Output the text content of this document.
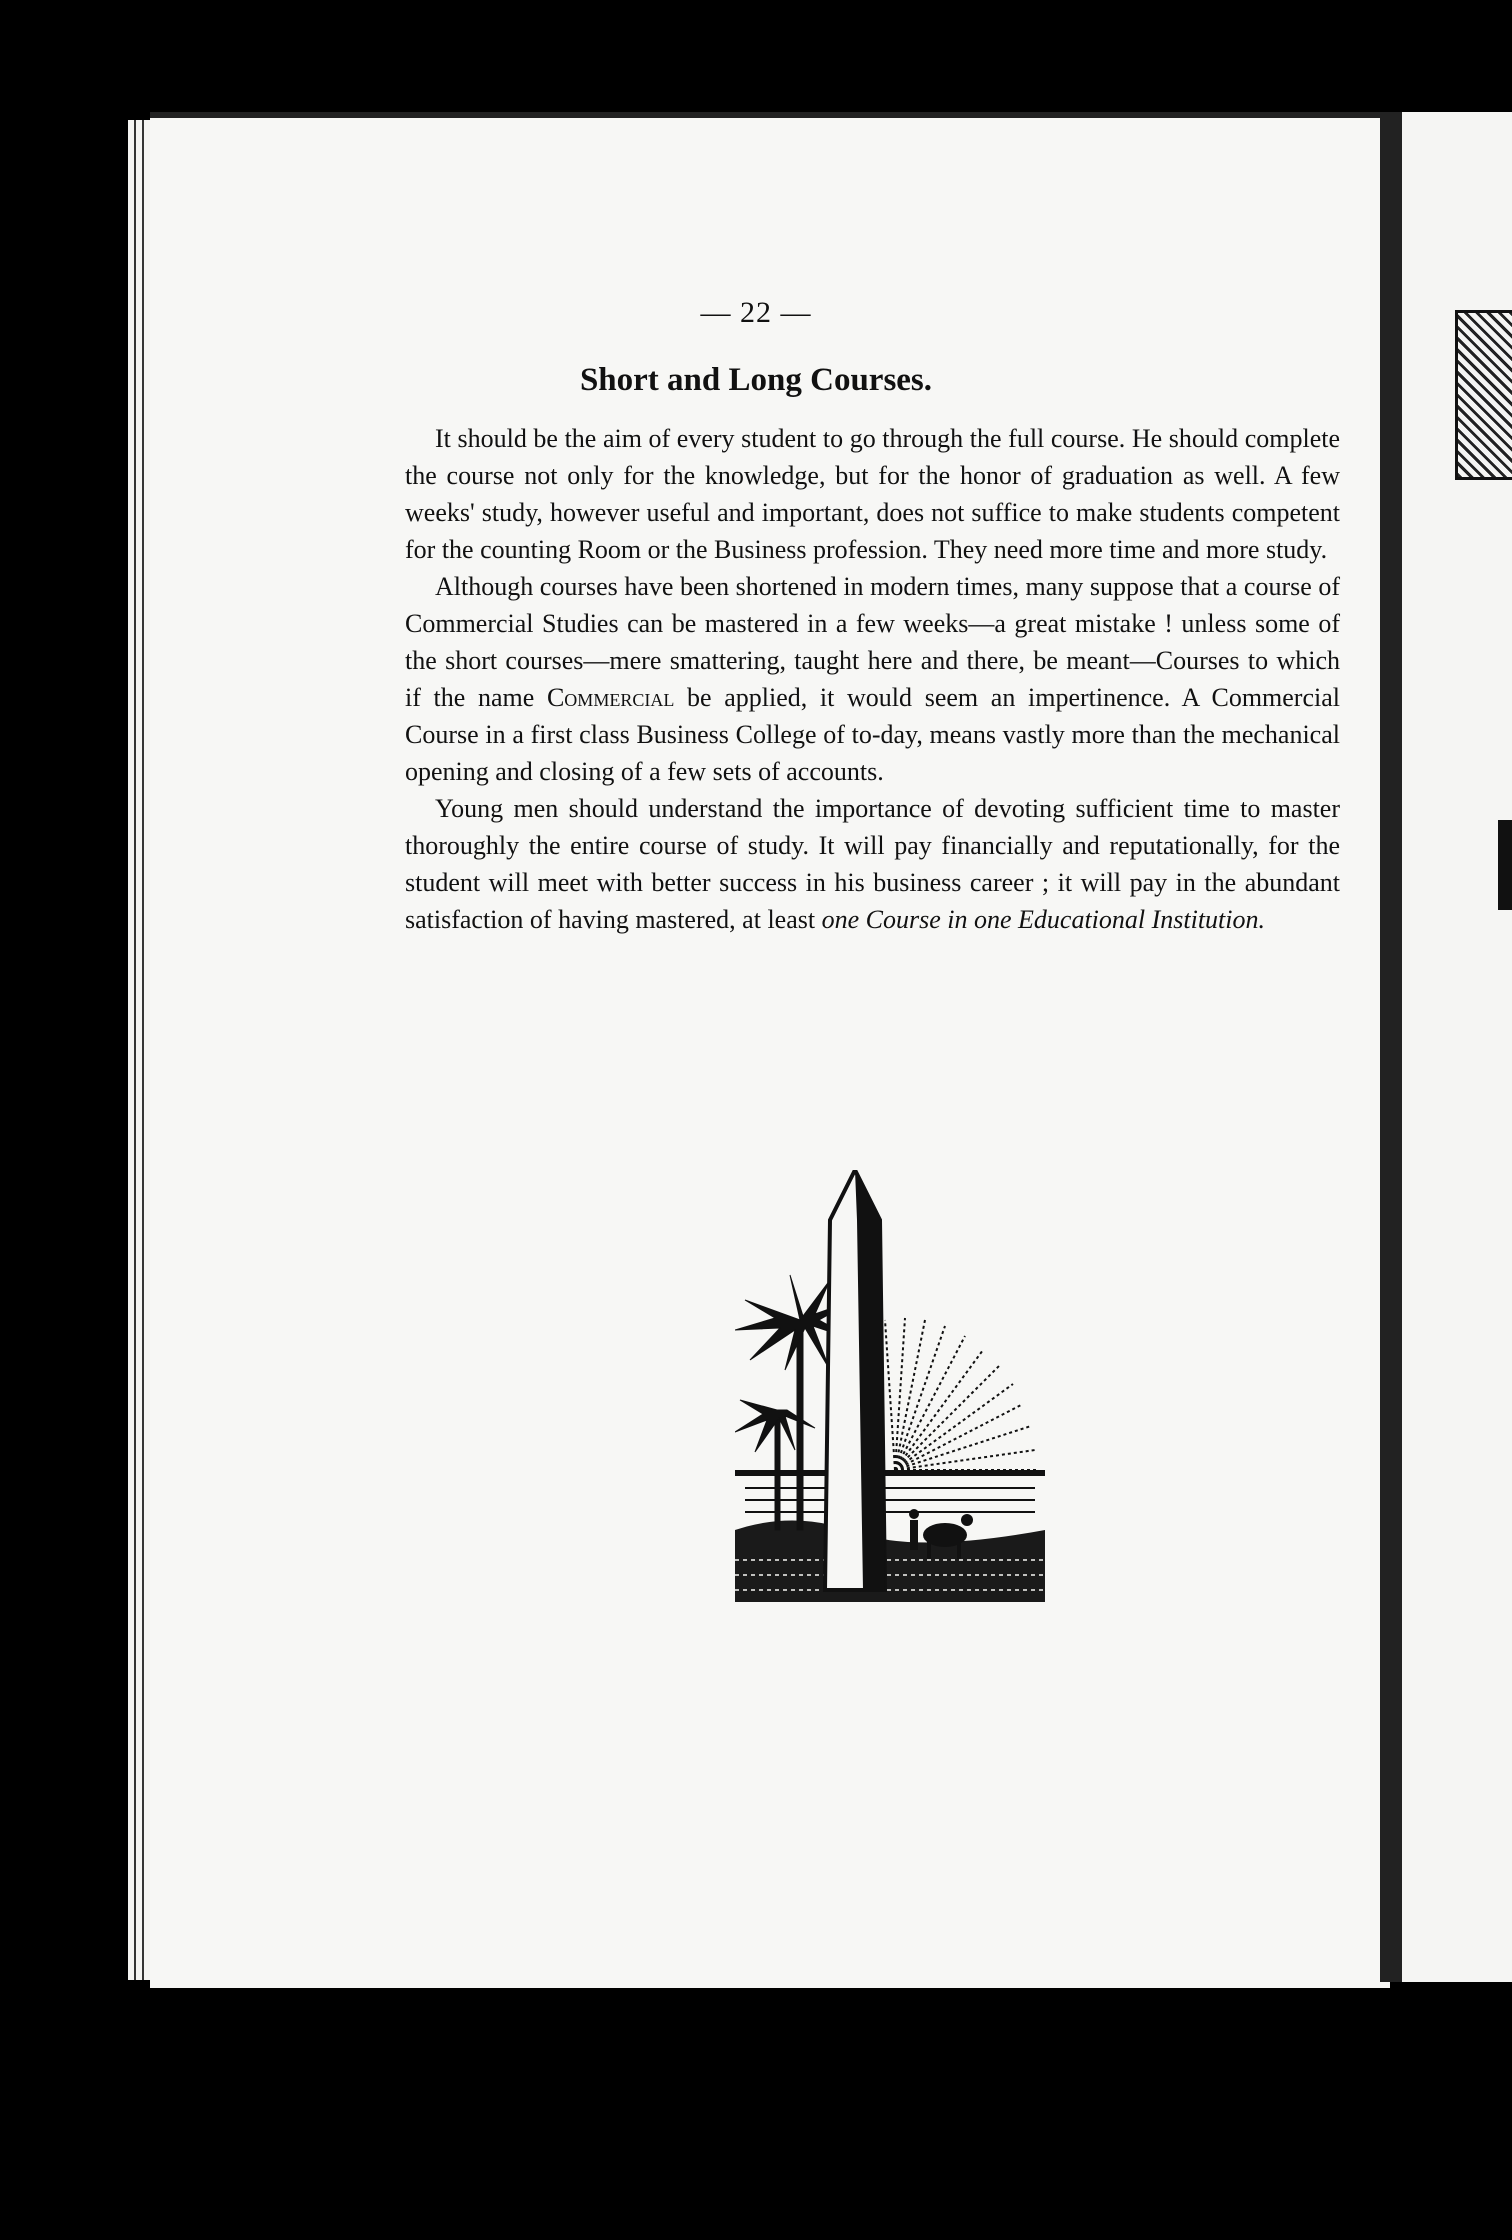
— 22 —
Short and Long Courses.

It should be the aim of every student to go through the full course. He should complete the course not only for the knowledge, but for the honor of graduation as well. A few weeks' study, however useful and important, does not suffice to make students competent for the counting Room or the Business profession. They need more time and more study.

Although courses have been shortened in modern times, many suppose that a course of Commercial Studies can be mastered in a few weeks—a great mistake ! unless some of the short courses—mere smattering, taught here and there, be meant—Courses to which if the name Commercial be applied, it would seem an impertinence. A Commercial Course in a first class Business College of to-day, means vastly more than the mechanical opening and closing of a few sets of accounts.

Young men should understand the importance of devoting sufficient time to master thoroughly the entire course of study. It will pay financially and reputationally, for the student will meet with better success in his business career ; it will pay in the abundant satisfaction of having mastered, at least one Course in one Educational Institution.
